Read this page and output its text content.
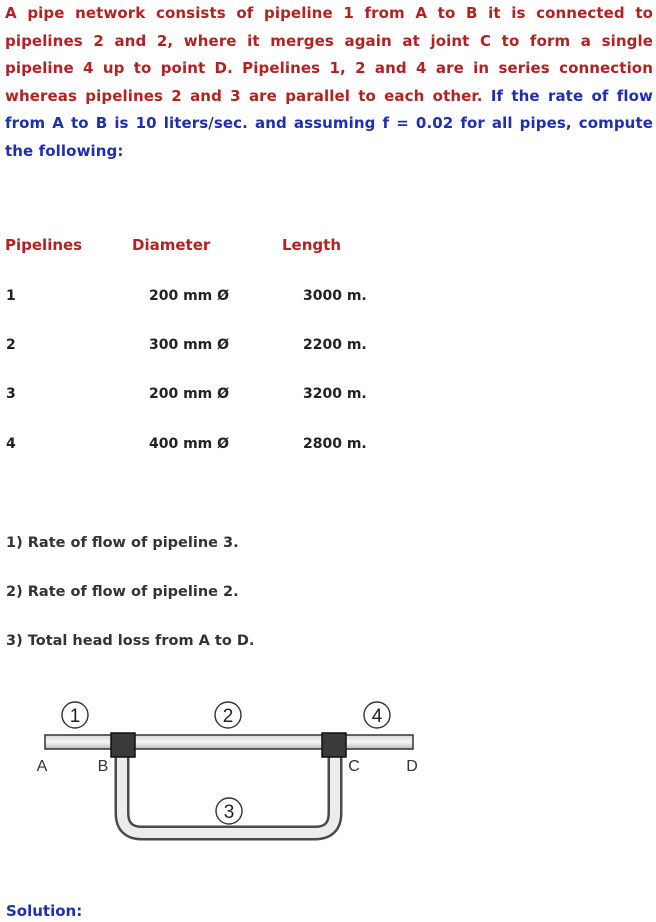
A pipe network consists of pipeline 1 from A to B it is connected to pipelines 2 and 2, where it merges again at joint C to form a single pipeline 4 up to point D. Pipelines 1, 2 and 4 are in series connection whereas pipelines 2 and 3 are parallel to each other. If the rate of flow from A to B is 10 liters/sec. and assuming f = 0.02 for all pipes, compute the following:
Pipelines	Diameter	Length
1	200 mm Ø	3000 m.
2	300 mm Ø	2200 m.
3	200 mm Ø	3200 m.
4	400 mm Ø	2800 m.
1) Rate of flow of pipeline 3.
2) Rate of flow of pipeline 2.
3) Total head loss from A to D.
1	2	4
3
A	B	C	D
Solution:
